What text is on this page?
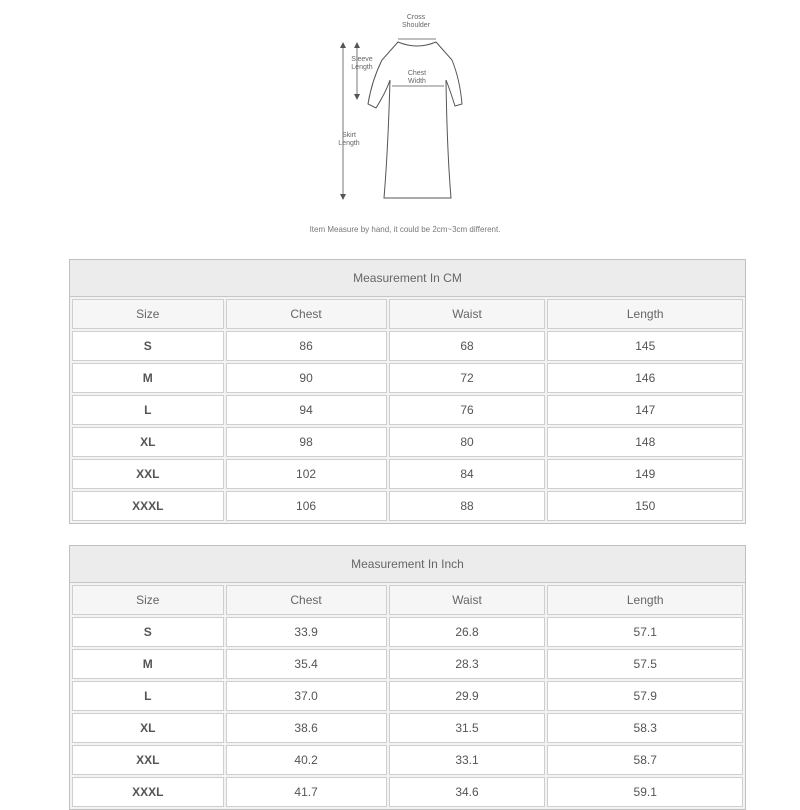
Cross
Shoulder
Sleeve
Length
Chest
Width
Skirt
Length
Item Measure by hand, it could be 2cm~3cm different.
Measurement In CM
Size	Chest	Waist	Length
S	86	68	145
M	90	72	146
L	94	76	147
XL	98	80	148
XXL	102	84	149
XXXL	106	88	150
Measurement In Inch
Size	Chest	Waist	Length
S	33.9	26.8	57.1
M	35.4	28.3	57.5
L	37.0	29.9	57.9
XL	38.6	31.5	58.3
XXL	40.2	33.1	58.7
XXXL	41.7	34.6	59.1
